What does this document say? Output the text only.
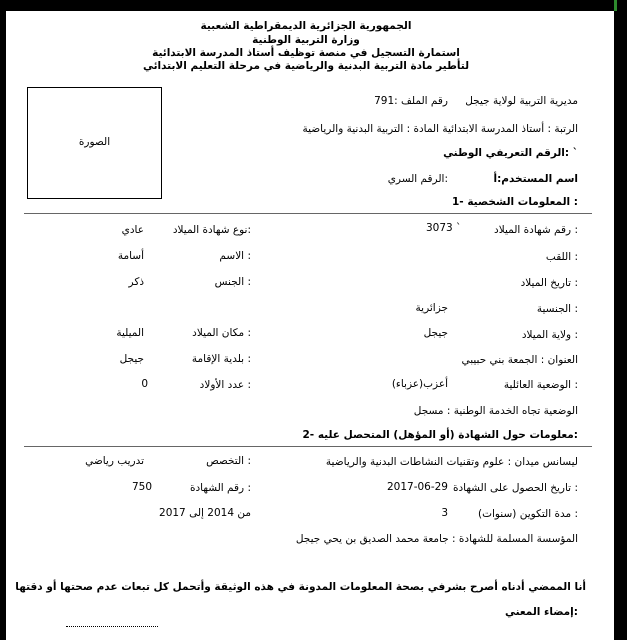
الجمهورية الجزائرية الديمقراطية الشعبية
وزارة التربية الوطنية
استمارة التسجيل في منصة توظيف أستاذ المدرسة الابتدائية
لتأطير مادة التربية البدنية والرياضية في مرحلة التعليم الابتدائي
الصورة
مديرية التربية لولاية جيجل
رقم الملف :791
الرتبة : أستاذ المدرسة الابتدائية المادة : التربية البدنية والرياضية
الرقم التعريفي الوطني: `
اسم المستخدم:أ
الرقم السري:
1- المعلومات الشخصية :
رقم شهادة الميلاد :
3073 `
نوع شهادة الميلاد:
عادي
اللقب :
الاسم :
أسامة
تاريخ الميلاد :
الجنس :
ذكر
الجنسية :
جزائرية
ولاية الميلاد :
جيجل
مكان الميلاد :
الميلية
العنوان : الجمعة بني حبيبي
بلدية الإقامة :
جيجل
الوضعية العائلية :
أعزب(عزباء)
عدد الأولاد :
0
الوضعية تجاه الخدمة الوطنية : مسجل
2- معلومات حول الشهادة (أو المؤهل) المتحصل عليه:
ليسانس ميدان : علوم وتقنيات النشاطات البدنية والرياضية
التخصص :
تدريب رياضي
تاريخ الحصول على الشهادة :
2017-06-29
رقم الشهادة :
750
مدة التكوين (سنوات) :
3
من 2014 إلى 2017
المؤسسة المسلمة للشهادة : جامعة محمد الصديق بن يحي جيجل
أنا الممضي أدناه أصرح بشرفي بصحة المعلومات المدونة في هذه الوثيقة وأتحمل كل تبعات عدم صحتها أو دقتها
إمضاء المعني:
